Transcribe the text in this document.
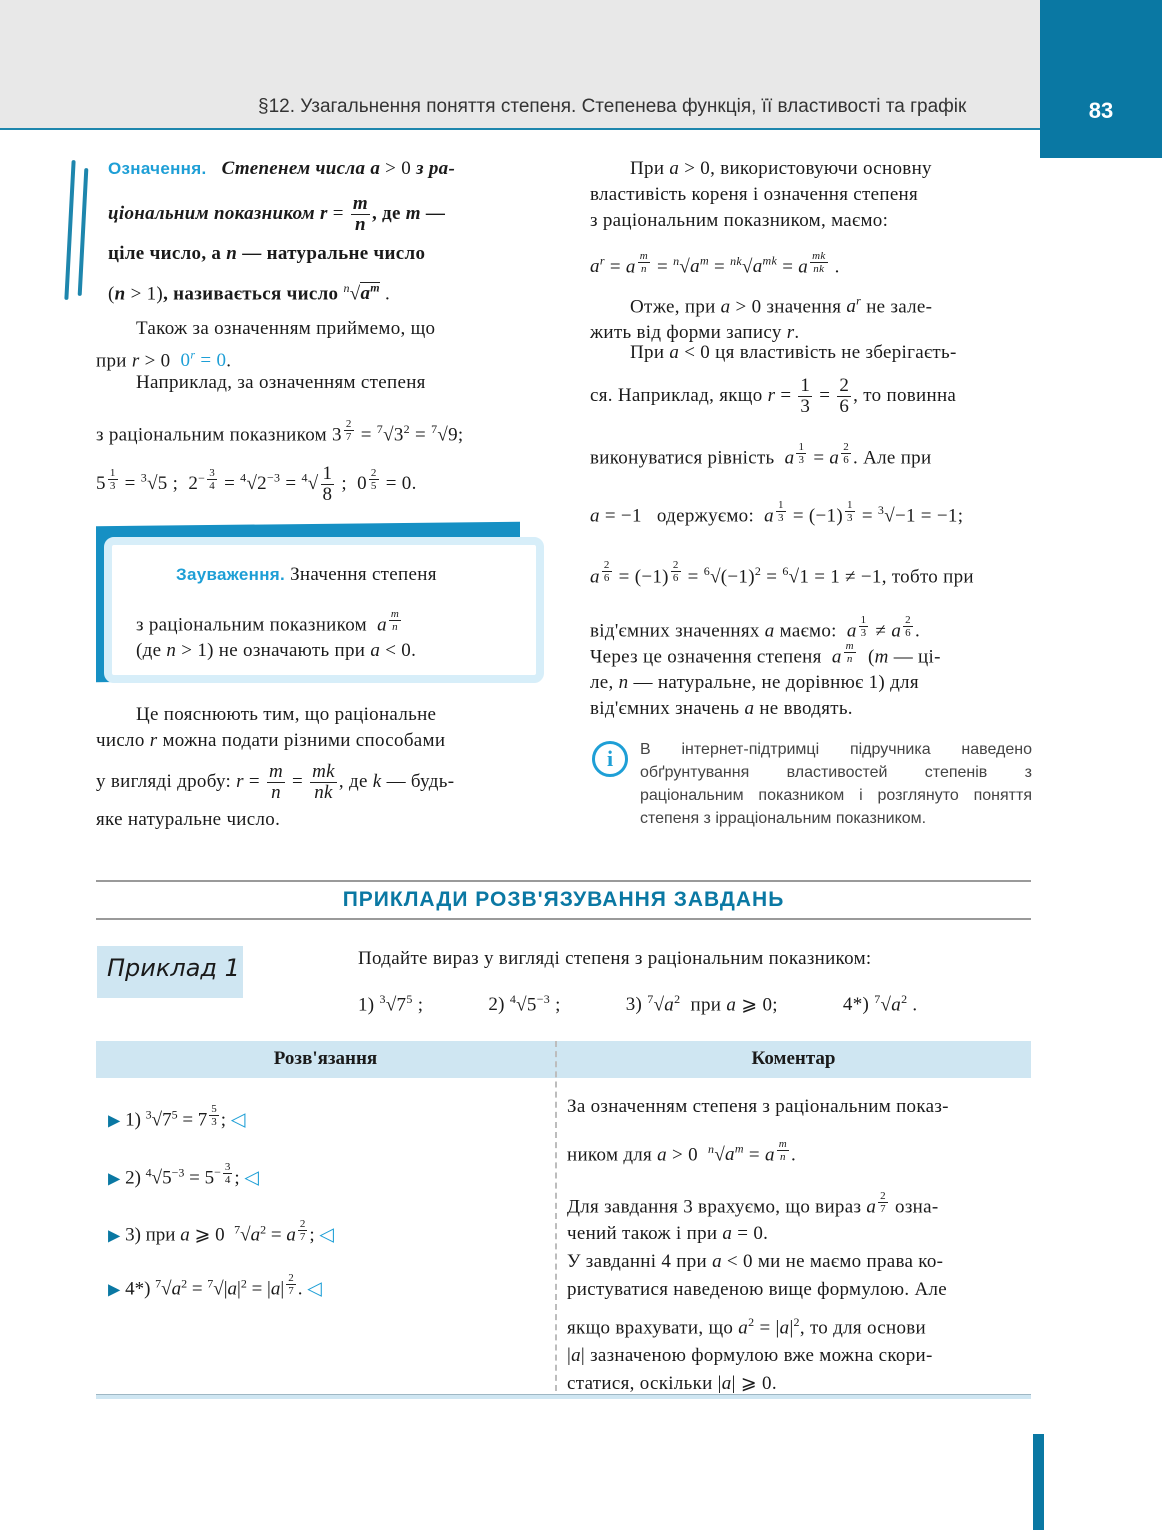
§12. Узагальнення поняття степеня. Степенева функція, її властивості та графік	83
Означення. Степенем числа a > 0 з ра-
ціональним показником $r = \frac{m}{n}$ , де m —
ціле число, а n — натуральне число
(n > 1), називається число $^n√a^m$ .
Також за означенням приймемо, що
при r > 0  $0^r = 0$.
Наприклад, за означенням степеня
з раціональним показником 3 $^{\frac{2}{7}} = ^7√3^2 = ^7√9$;
5 $^{\frac{1}{3}}$ = $^3$√5 ;  $2^{- \frac{3}{4}} = ^4√2^{-3} = ^4√ \frac{1}{8}$ ;  0 $^{\frac{2}{5}}$ = 0.
Зауваження. Значення степеня
з раціональним показником a $^{\frac{m}{n}}$
(де n > 1) не означають при a < 0.
Це пояснюють тим, що раціональне
число r можна подати різними способами
у вигляді дробу: $r = \frac{m}{n} = \frac{mk}{nk}$ , де k — будь-
яке натуральне число.
При a > 0, використовуючи основну
властивість кореня і означення степеня
з раціональним показником, маємо:
$a^r = a$ $^{\frac{m}{n}} = ^n√a^m = ^{nk}√a^{mk} = a$ $^{\frac{mk}{nk}}$ .
Отже, при a > 0 значення $a^r$ не зале-
жить від форми запису r.
При a < 0 ця властивість не зберігаєть-
ся. Наприклад, якщо $r = \frac{1}{3} = \frac{2}{6}$ , то повинна
виконуватися рівність a $^{\frac{1}{3}}$ = a $^{\frac{2}{6}}$ . Але при
a = −1   одержуємо: a $^{\frac{1}{3}}$ = (−1) $^{\frac{1}{3}}$ = $^3$√−1 = −1;
a $^{\frac{2}{6}}$ = (−1) $^{\frac{2}{6}} = ^6√(-1)^2 = ^6√1 = 1 \ne -1$, тобто при
від'ємних значеннях a маємо: a $^{\frac{1}{3}}$ ≠ a $^{\frac{2}{6}}$ .
Через це означення степеня a $^{\frac{m}{n}}$ (m — ці-
ле, n — натуральне, не дорівнює 1) для
від'ємних значень a не вводять.
i	В інтернет-підтримці підручника наведено обґрунтування властивостей степенів з раціональним показником і розглянуто поняття степеня з ірраціональним показником.
ПРИКЛАДИ РОЗВ'ЯЗУВАННЯ ЗАВДАНЬ
Приклад 1	Подайте вираз у вигляді степеня з раціональним показником:
1) $^3√7^5$ ;	2) $^4√5^{-3}$ ;	3) $^7√a^2$ при a ⩾ 0;	4*) $^7√a^2$ .
Розв'язання	Коментар
▶ 1) $^3√7^5 = 7$ $^{\frac{5}{3}}$ ; ◁
▶ 2) $^4√5^{-3} = 5^{- \frac{3}{4}}$ ; ◁
▶ 3) при a ⩾ 0  $^7√a^2 = a$ $^{\frac{2}{7}}$ ; ◁
▶ 4*) $^7√a^2 = ^7√|a|^2 = |a|$ $^{\frac{2}{7}}$ . ◁
За означенням степеня з раціональним показ-
ником для a > 0  $^n√a^m = a$ $^{\frac{m}{n}}$ .
Для завдання 3 врахуємо, що вираз a $^{\frac{2}{7}}$ озна-
чений також і при a = 0.
У завданні 4 при a < 0 ми не маємо права ко-
ристуватися наведеною вище формулою. Але
якщо врахувати, що $a^2 = |a|^2$, то для основи
|a| зазначеною формулою вже можна скори-
статися, оскільки |a| ⩾ 0.
